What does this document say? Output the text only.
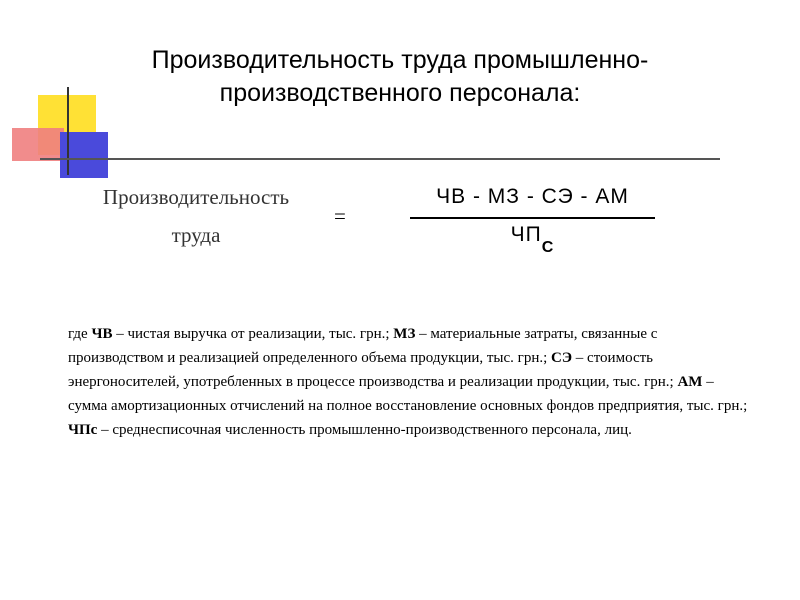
Производительность труда промышленно-производственного персонала:
Производительность
труда
=
ЧВ - МЗ - СЭ - АМ
$ЧП_С$
где ЧВ – чистая выручка от реализации, тыс. грн.; МЗ – материальные затраты, связанные с производством и реализацией определенного объема продукции, тыс. грн.; СЭ – стоимость энергоносителей, употребленных в процессе производства и реализации продукции, тыс. грн.; АМ – сумма амортизационных отчислений на полное восстановление основных фондов предприятия, тыс. грн.; ЧПс – среднесписочная численность промышленно-производственного персонала, лиц.
